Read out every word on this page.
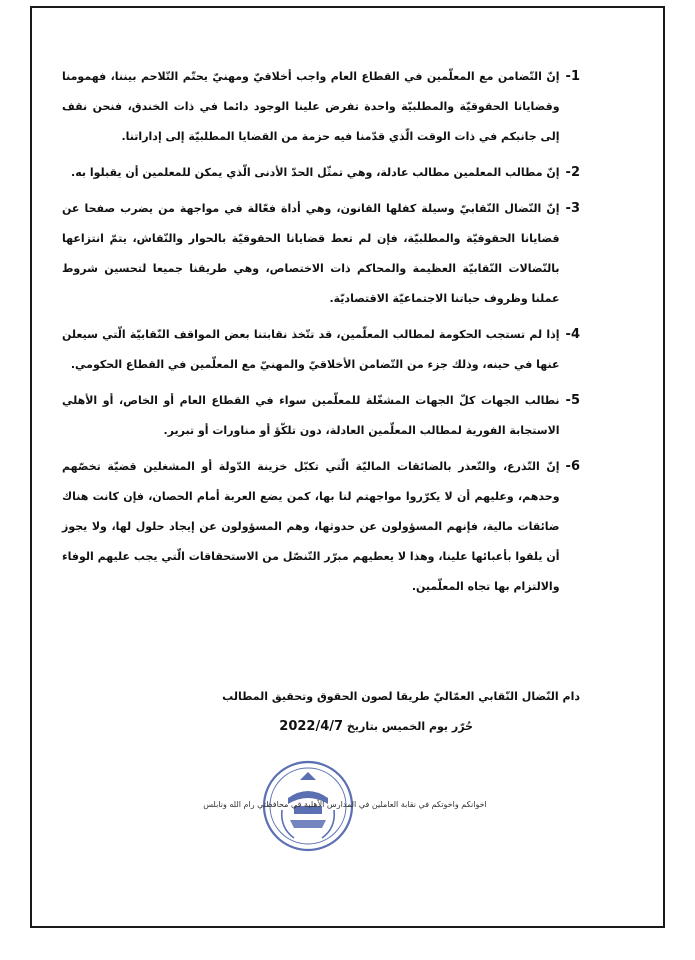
1-
إنّ التّضامن مع المعلّمين في القطاع العام واجب أخلاقيّ ومهنيّ يحتّم التّلاحم بيننا، فهمومنا وقضايانا الحقوقيّة والمطلبيّة واحدة تفرض علينا الوجود دائما في ذات الخندق، فنحن نقف إلى جانبكم في ذات الوقت الّذي قدّمنا فيه حزمة من القضايا المطلبيّة إلى إداراتنا.
2-
إنّ مطالب المعلمين مطالب عادلة، وهي تمثّل الحدّ الأدنى الّذي يمكن للمعلمين أن يقبلوا به.
3-
إنّ النّضال النّقابيّ وسيلة كفلها القانون، وهي أداة فعّالة في مواجهة من يضرب صفحا عن قضايانا الحقوقيّة والمطلبيّة، فإن لم تعط قضايانا الحقوقيّة بالحوار والنّقاش، يتمّ انتزاعها بالنّضالات النّقابيّة العظيمة والمحاكم ذات الاختصاص، وهي طريقنا جميعا لتحسين شروط عملنا وظروف حياتنا الاجتماعيّة الاقتصاديّة.
4-
إذا لم تستجب الحكومة لمطالب المعلّمين، قد تتّخذ نقابتنا بعض المواقف النّقابيّة الّتي سيعلن عنها في حينه، وذلك جزء من التّضامن الأخلاقيّ والمهنيّ مع المعلّمين في القطاع الحكومي.
5-
نطالب الجهات كلّ الجهات المشغّلة للمعلّمين سواء في القطاع العام أو الخاص، أو الأهلي الاستجابة الفورية لمطالب المعلّمين العادلة، دون تلكّؤ أو مناورات أو تبرير.
6-
إنّ التّذرع، والتّعذر بالضائقات الماليّة الّتي تكبّل خزينة الدّولة أو المشغلين قضيّة تخصّهم وحدهم، وعليهم أن لا يكرّروا مواجهتم لنا بها، كمن يضع العربة أمام الحصان، فإن كانت هناك ضائقات مالية، فإنهم المسؤولون عن حدوثها، وهم المسؤولون عن إيجاد حلول لها، ولا يجوز أن يلقوا بأعبائها علينا، وهذا لا يعطيهم مبرّر التّنصّل من الاستحقاقات الّتي يجب عليهم الوفاء والالتزام بها تجاه المعلّمين.
دام النّضال النّقابي العمّاليّ طريقا لصون الحقوق وتحقيق المطالب
حُرّر يوم الخميس بتاريخ 2022/4/7
اخوانكم واخوتكم في نقابة العاملين في المدارس الأهلية في محافظتي رام الله ونابلس
